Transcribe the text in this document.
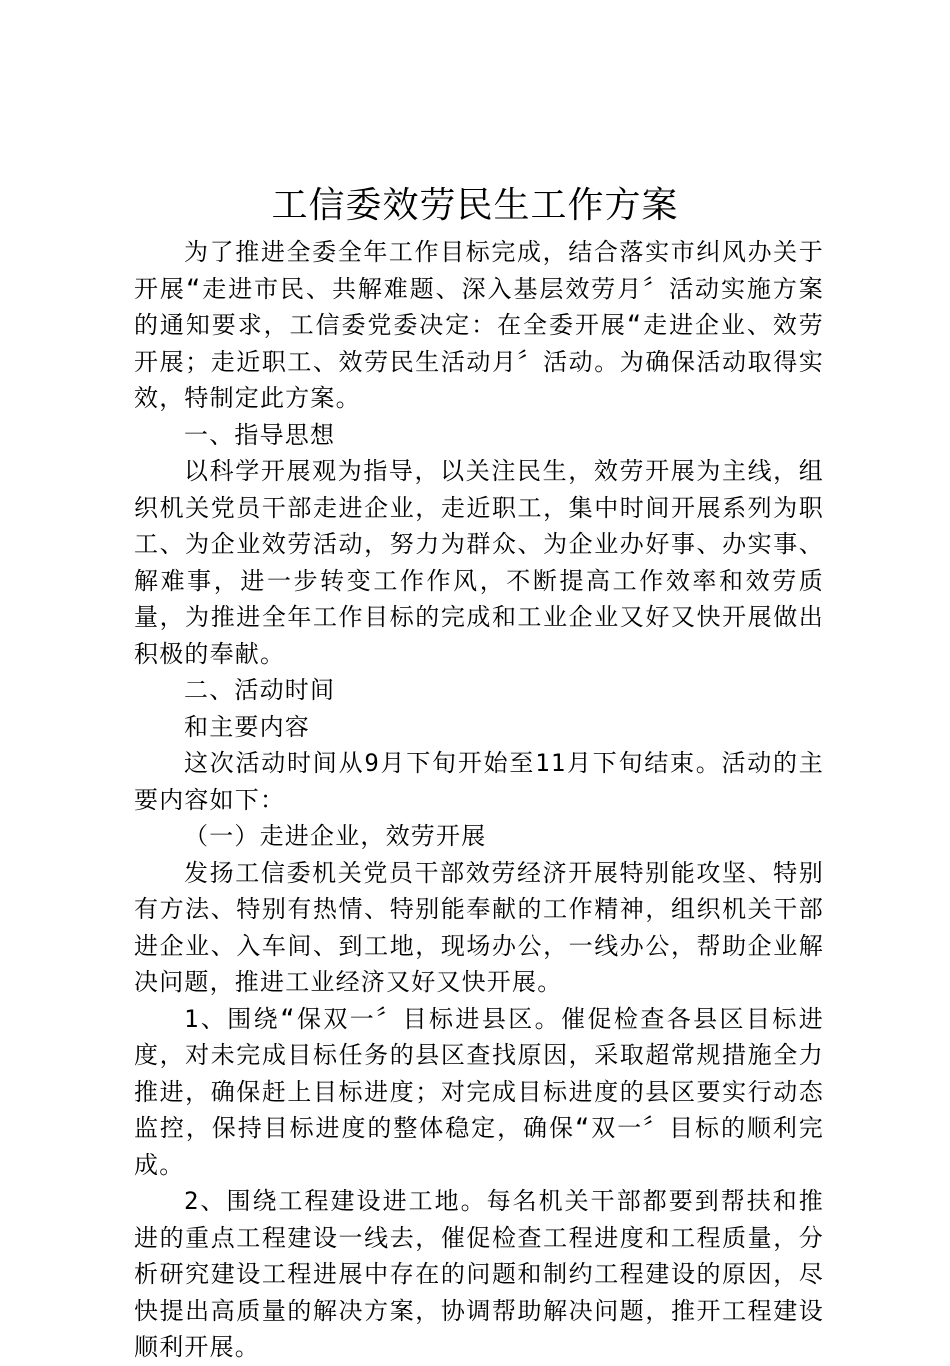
工信委效劳民生工作方案

为了推进全委全年工作目标完成，结合落实市纠风办关于开展“走进市民、共解难题、深入基层效劳月〞活动实施方案的通知要求，工信委党委决定：在全委开展“走进企业、效劳开展；走近职工、效劳民生活动月〞活动。为确保活动取得实效，特制定此方案。

一、指导思想

以科学开展观为指导，以关注民生，效劳开展为主线，组织机关党员干部走进企业，走近职工，集中时间开展系列为职工、为企业效劳活动，努力为群众、为企业办好事、办实事、解难事，进一步转变工作作风，不断提高工作效率和效劳质量，为推进全年工作目标的完成和工业企业又好又快开展做出积极的奉献。

二、活动时间

和主要内容

这次活动时间从9月下旬开始至11月下旬结束。活动的主要内容如下：

（一）走进企业，效劳开展

发扬工信委机关党员干部效劳经济开展特别能攻坚、特别有方法、特别有热情、特别能奉献的工作精神，组织机关干部进企业、入车间、到工地，现场办公，一线办公，帮助企业解决问题，推进工业经济又好又快开展。

1、围绕“保双一〞目标进县区。催促检查各县区目标进度，对未完成目标任务的县区查找原因，采取超常规措施全力推进，确保赶上目标进度；对完成目标进度的县区要实行动态监控，保持目标进度的整体稳定，确保“双一〞目标的顺利完成。

2、围绕工程建设进工地。每名机关干部都要到帮扶和推进的重点工程建设一线去，催促检查工程进度和工程质量，分析研究建设工程进展中存在的问题和制约工程建设的原因，尽快提出高质量的解决方案，协调帮助解决问题，推开工程建设顺利开展。
